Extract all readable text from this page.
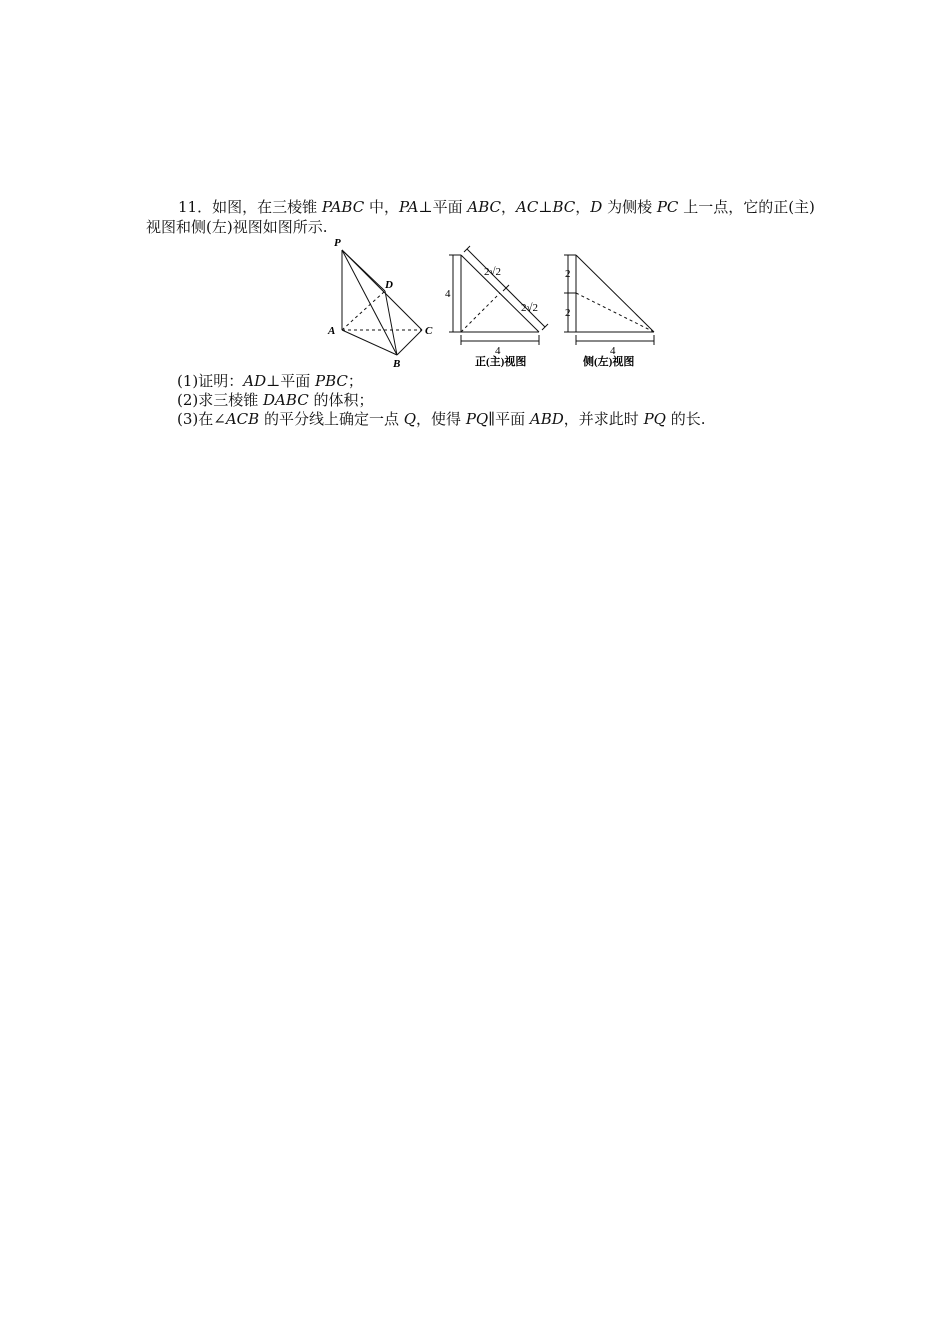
11．如图，在三棱锥 PABC 中，PA⊥平面 ABC，AC⊥BC，D 为侧棱 PC 上一点，它的正(主)视图和侧(左)视图如图所示.

P
D
A	C
B
4
4
2√2
2√2
正(主)视图
2
2
4
侧(左)视图

(1)证明：AD⊥平面 PBC；

(2)求三棱锥 DABC 的体积；

(3)在∠ACB 的平分线上确定一点 Q，使得 PQ∥平面 ABD，并求此时 PQ 的长.
